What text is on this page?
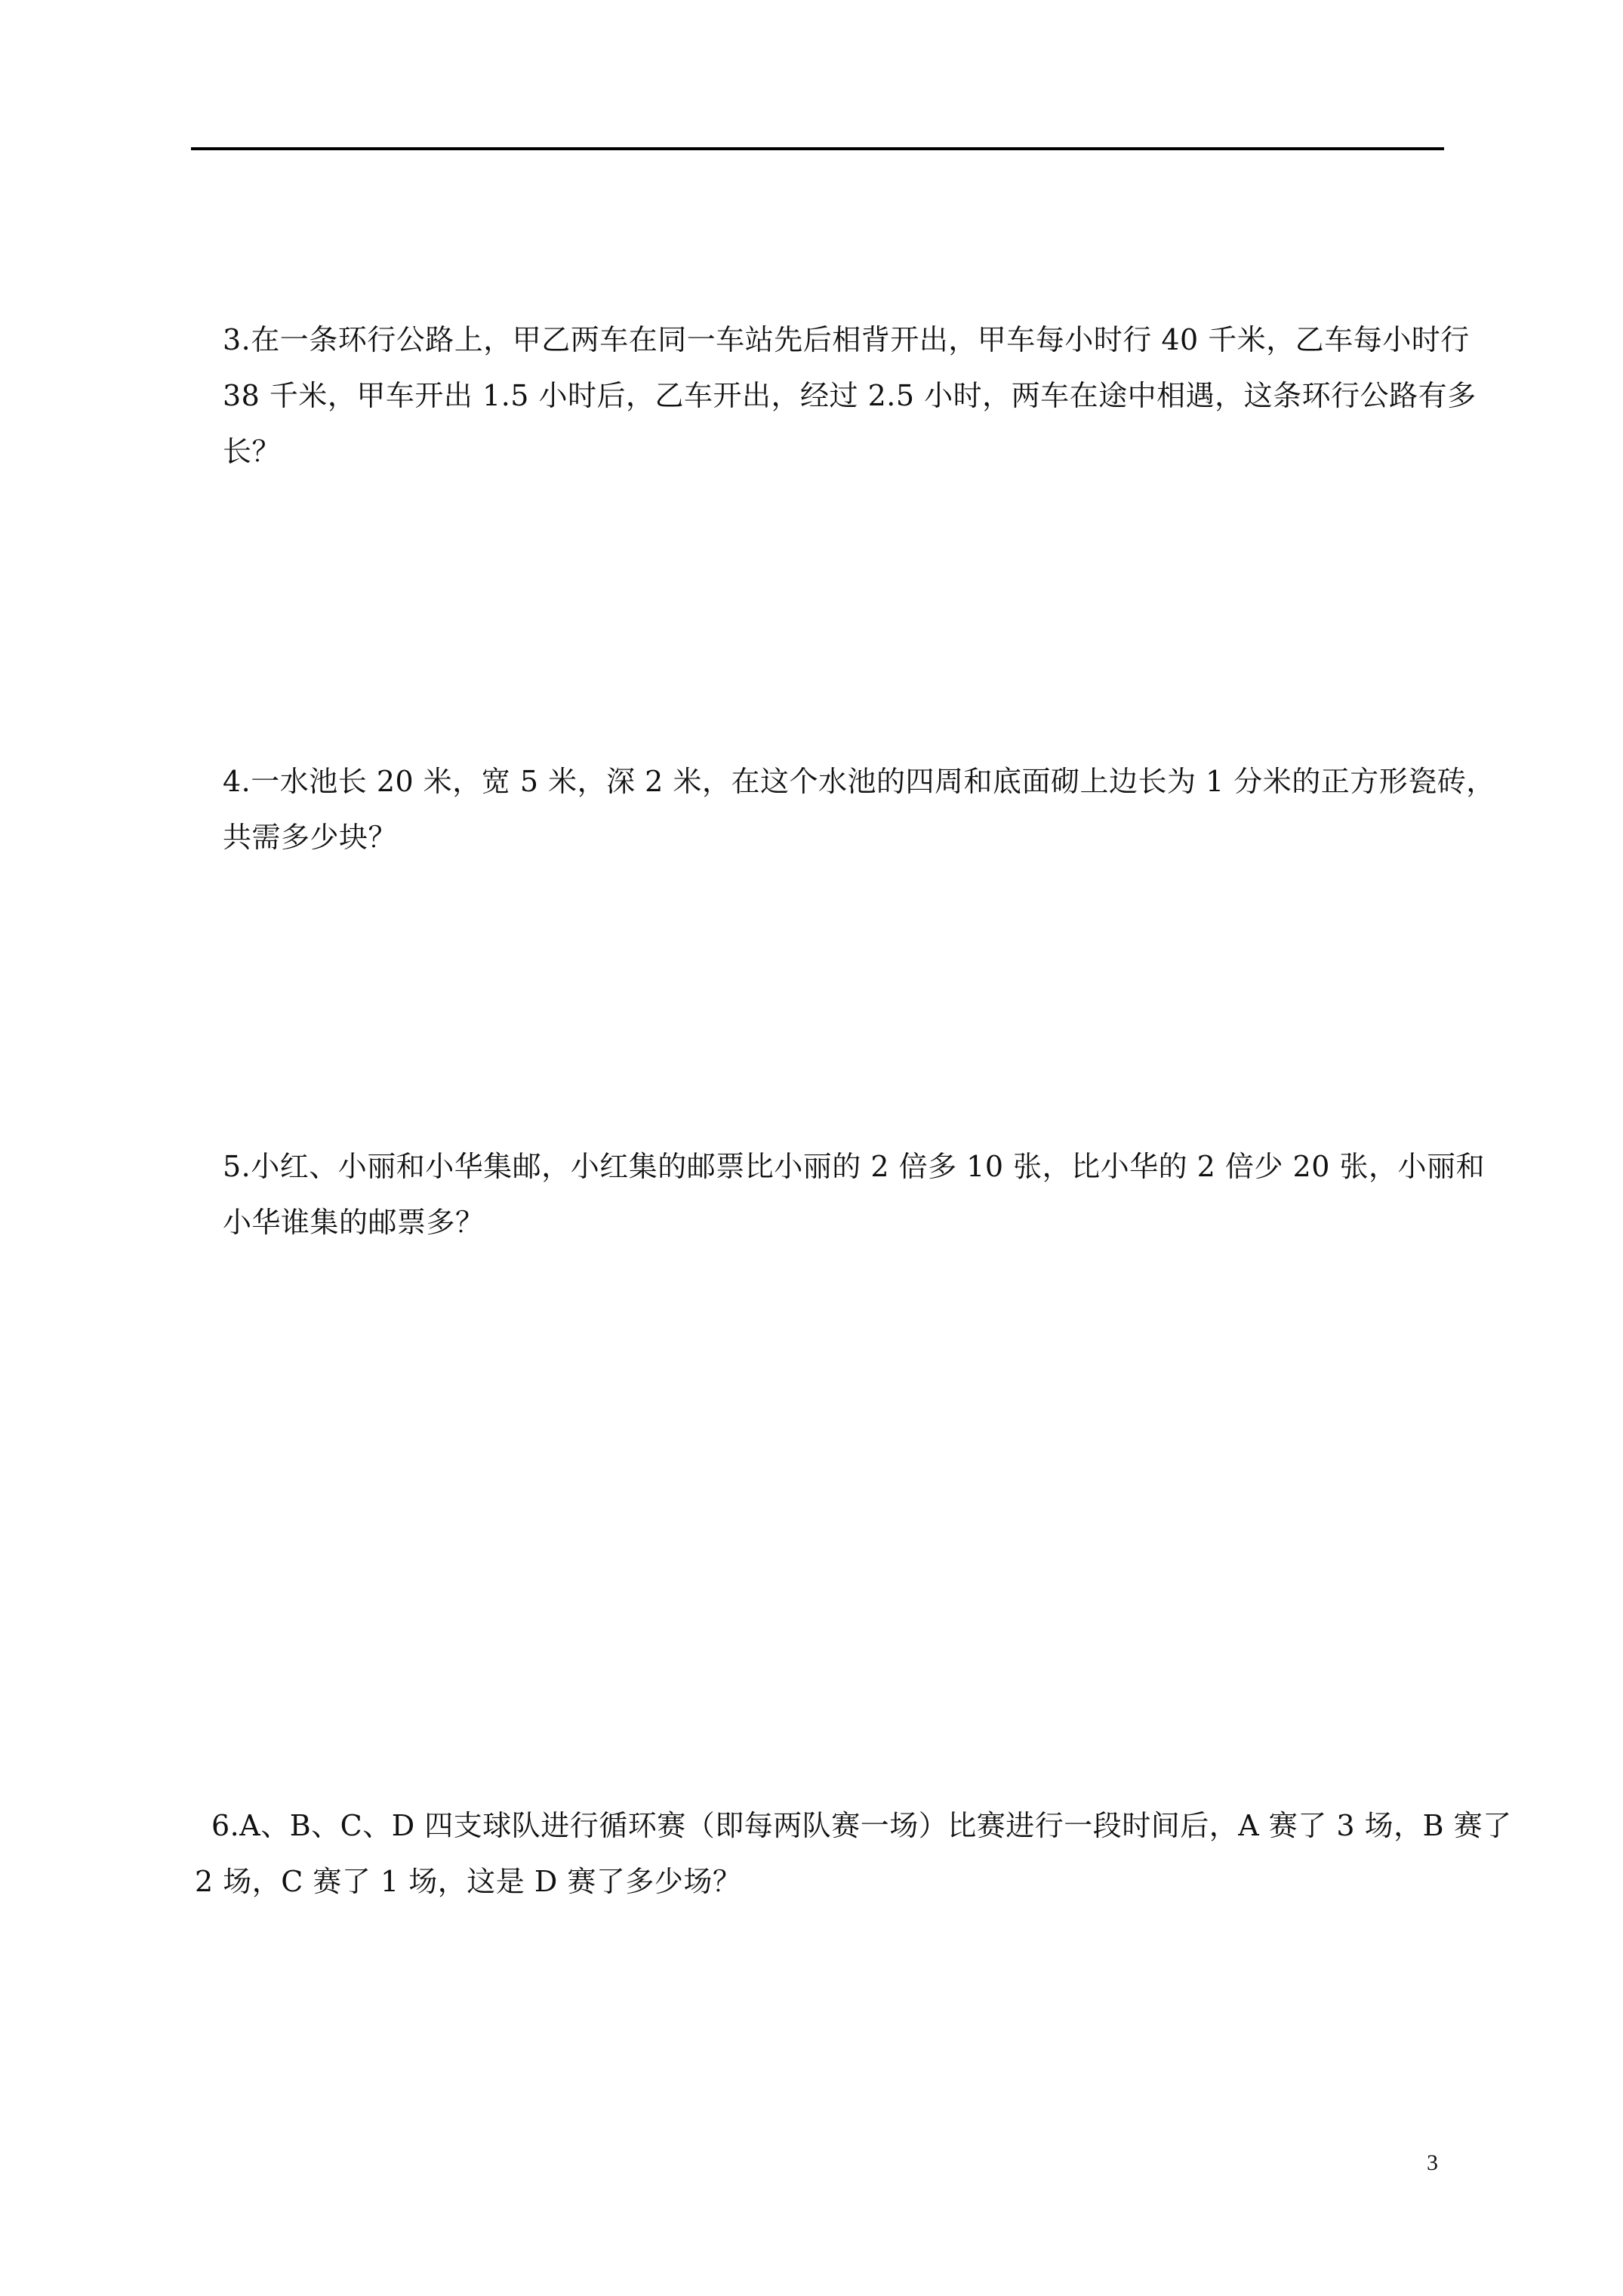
3.在一条环行公路上，甲乙两车在同一车站先后相背开出，甲车每小时行 40 千米，乙车每小时行
38 千米，甲车开出 1.5 小时后，乙车开出，经过 2.5 小时，两车在途中相遇，这条环行公路有多
长？
4.一水池长 20 米，宽 5 米，深 2 米，在这个水池的四周和底面砌上边长为 1 分米的正方形瓷砖，
共需多少块？
5.小红、小丽和小华集邮，小红集的邮票比小丽的 2 倍多 10 张，比小华的 2 倍少 20 张，小丽和
小华谁集的邮票多？
6.A、B、C、D 四支球队进行循环赛（即每两队赛一场）比赛进行一段时间后，A 赛了 3 场，B 赛了
2 场，C 赛了 1 场，这是 D 赛了多少场？
3
